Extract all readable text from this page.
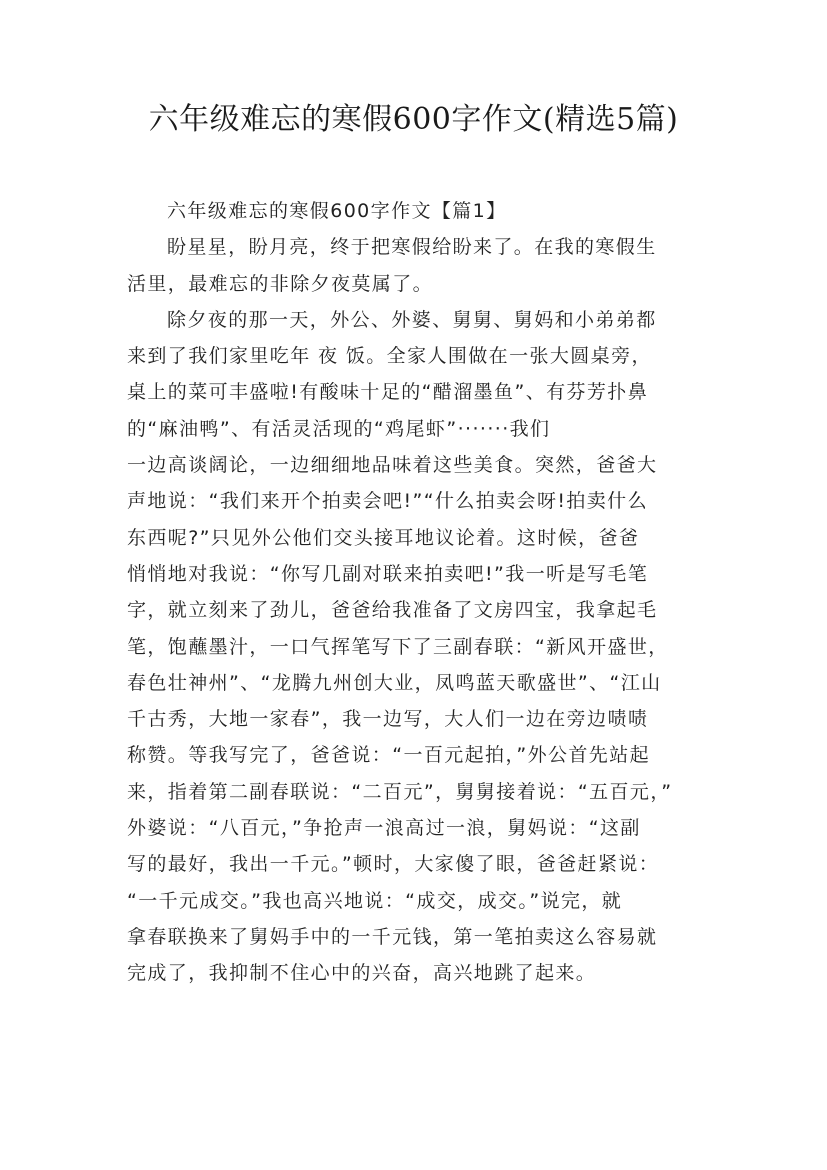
六年级难忘的寒假600字作文(精选5篇)
六年级难忘的寒假600字作文【篇1】
盼星星，盼月亮，终于把寒假给盼来了。在我的寒假生
活里，最难忘的非除夕夜莫属了。
除夕夜的那一天，外公、外婆、舅舅、舅妈和小弟弟都
来到了我们家里吃年 夜 饭。全家人围做在一张大圆桌旁，
桌上的菜可丰盛啦!有酸味十足的“醋溜墨鱼”、有芬芳扑鼻
的“麻油鸭”、有活灵活现的“鸡尾虾”·······我们
一边高谈阔论，一边细细地品味着这些美食。突然，爸爸大
声地说：“我们来开个拍卖会吧!”“什么拍卖会呀!拍卖什么
东西呢?”只见外公他们交头接耳地议论着。这时候，爸爸
悄悄地对我说：“你写几副对联来拍卖吧!”我一听是写毛笔
字，就立刻来了劲儿，爸爸给我准备了文房四宝，我拿起毛
笔，饱蘸墨汁，一口气挥笔写下了三副春联：“新风开盛世，
春色壮神州”、“龙腾九州创大业，凤鸣蓝天歌盛世”、“江山
千古秀，大地一家春”，我一边写，大人们一边在旁边啧啧
称赞。等我写完了，爸爸说：“一百元起拍，”外公首先站起
来，指着第二副春联说：“二百元”，舅舅接着说：“五百元，”
外婆说：“八百元，”争抢声一浪高过一浪，舅妈说：“这副
写的最好，我出一千元。”顿时，大家傻了眼，爸爸赶紧说：
“一千元成交。”我也高兴地说：“成交，成交。”说完，就
拿春联换来了舅妈手中的一千元钱，第一笔拍卖这么容易就
完成了，我抑制不住心中的兴奋，高兴地跳了起来。
